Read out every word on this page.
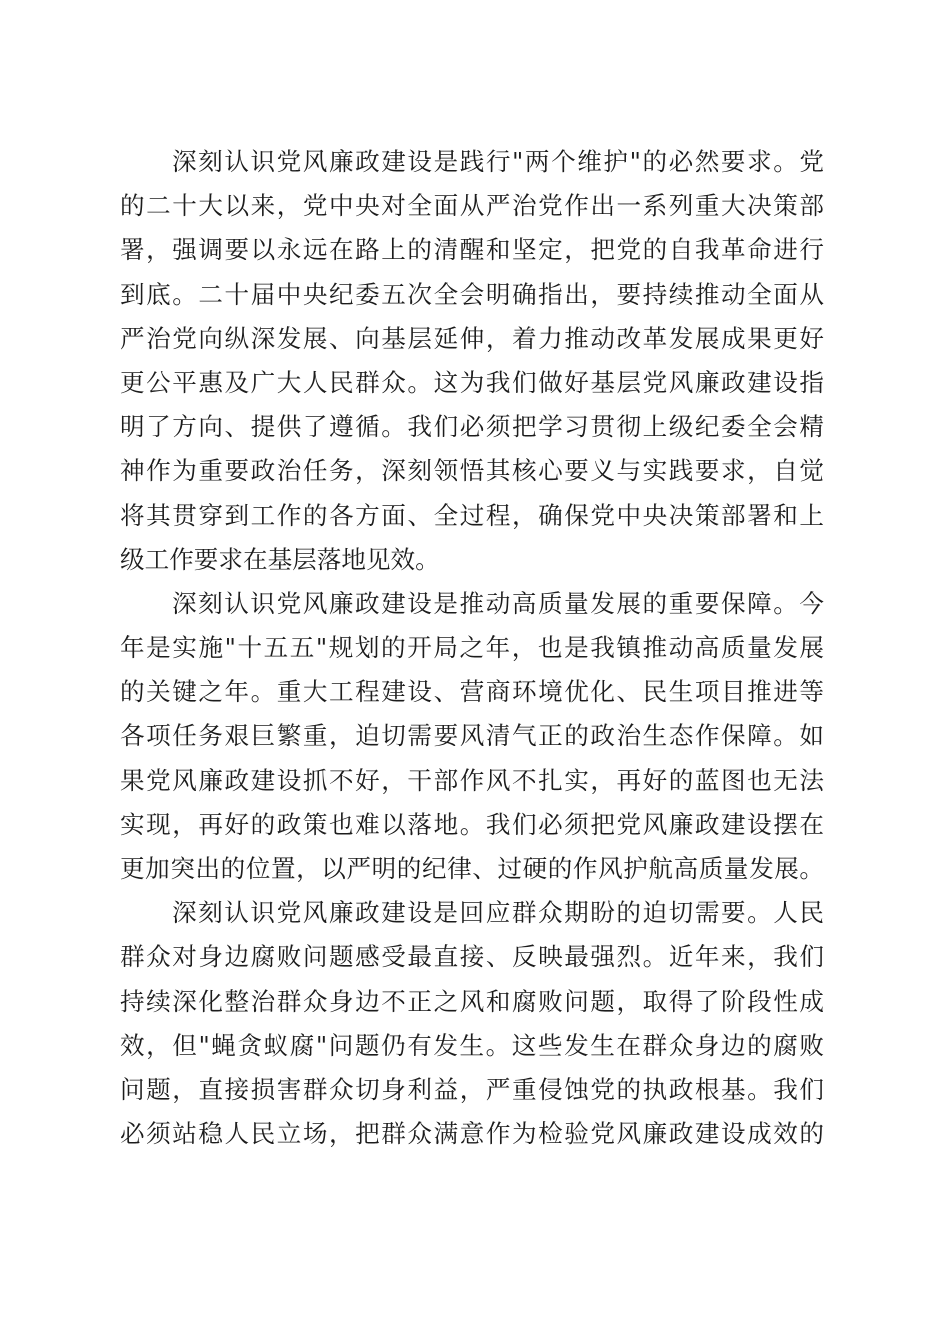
深刻认识党风廉政建设是践行"两个维护"的必然要求。党
的二十大以来，党中央对全面从严治党作出一系列重大决策部
署，强调要以永远在路上的清醒和坚定，把党的自我革命进行
到底。二十届中央纪委五次全会明确指出，要持续推动全面从
严治党向纵深发展、向基层延伸，着力推动改革发展成果更好
更公平惠及广大人民群众。这为我们做好基层党风廉政建设指
明了方向、提供了遵循。我们必须把学习贯彻上级纪委全会精
神作为重要政治任务，深刻领悟其核心要义与实践要求，自觉
将其贯穿到工作的各方面、全过程，确保党中央决策部署和上
级工作要求在基层落地见效。
深刻认识党风廉政建设是推动高质量发展的重要保障。今
年是实施"十五五"规划的开局之年，也是我镇推动高质量发展
的关键之年。重大工程建设、营商环境优化、民生项目推进等
各项任务艰巨繁重，迫切需要风清气正的政治生态作保障。如
果党风廉政建设抓不好，干部作风不扎实，再好的蓝图也无法
实现，再好的政策也难以落地。我们必须把党风廉政建设摆在
更加突出的位置，以严明的纪律、过硬的作风护航高质量发展。
深刻认识党风廉政建设是回应群众期盼的迫切需要。人民
群众对身边腐败问题感受最直接、反映最强烈。近年来，我们
持续深化整治群众身边不正之风和腐败问题，取得了阶段性成
效，但"蝇贪蚁腐"问题仍有发生。这些发生在群众身边的腐败
问题，直接损害群众切身利益，严重侵蚀党的执政根基。我们
必须站稳人民立场，把群众满意作为检验党风廉政建设成效的
